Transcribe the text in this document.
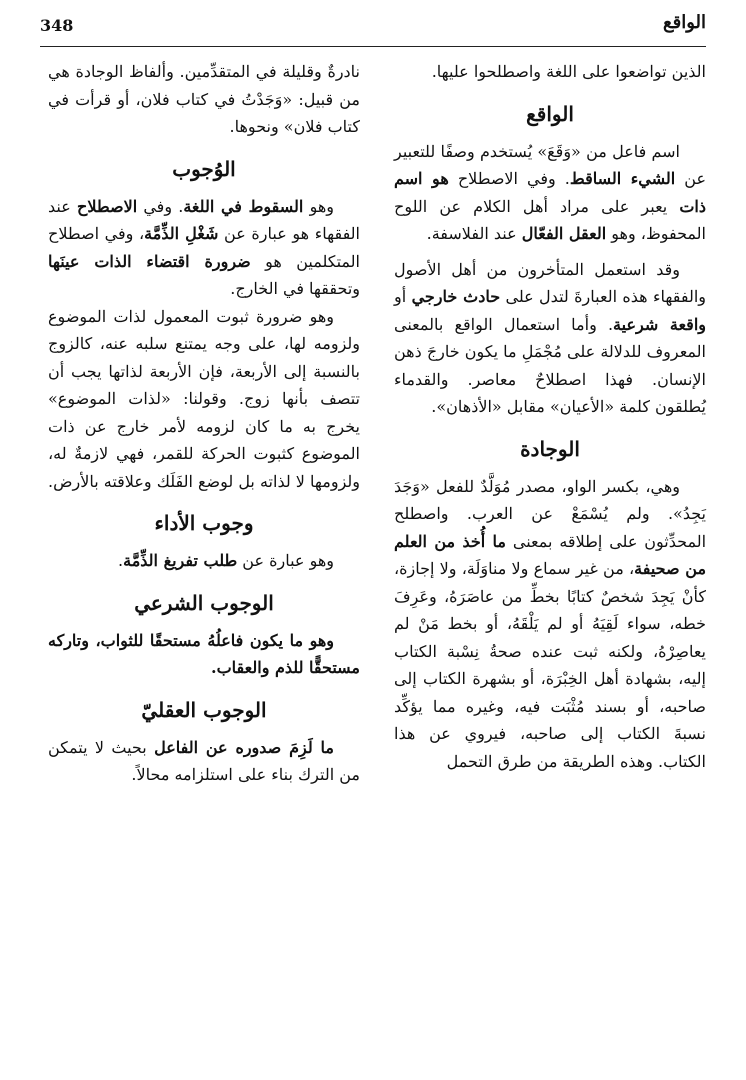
348	الواقع

الذين تواضعوا على اللغة واصطلحوا عليها.

الواقع

اسم فاعل من «وَقَعَ» يُستخدم وصفًا للتعبير عن الشيء الساقط. وفي الاصطلاح هو اسم ذات يعبر على مراد أهل الكلام عن اللوح المحفوظ، وهو العقل الفعّال عند الفلاسفة.

وقد استعمل المتأخرون من أهل الأصول والفقهاء هذه العبارةَ لتدل على حادث خارجي أو واقعة شرعية. وأما استعمال الواقع بالمعنى المعروف للدلالة على مُجْمَلِ ما يكون خارجَ ذهن الإنسان. فهذا اصطلاحٌ معاصر. والقدماء يُطلقون كلمة «الأعيان» مقابل «الأذهان».

الوجادة

وهي، بكسر الواو، مصدر مُوَلَّدٌ للفعل «وَجَدَ يَجِدُ». ولم يُسْمَعْ عن العرب. واصطلح المحدِّثون على إطلاقه بمعنى ما أُخذ من العلم من صحيفة، من غير سماع ولا مناوَلَة، ولا إجازة، كأنْ يَجِدَ شخصٌ كتابًا بخطِّ من عاصَرَهُ، وعَرِفَ خطه، سواء لَقِيَهُ أو لم يَلْقَهُ، أو بخط مَنْ لم يعاصِرْهُ، ولكنه ثبت عنده صحةُ نِسْبة الكتاب إليه، بشهادة أهل الخِبْرَة، أو بشهرة الكتاب إلى صاحبه، أو بسند مُثْبَت فيه، وغيره مما يؤكِّد نسبةَ الكتاب إلى صاحبه، فيروي عن هذا الكتاب. وهذه الطريقة من طرق التحمل

نادرةٌ وقليلة في المتقدِّمين. وألفاظ الوجادة هي من قبيل: «وَجَدْتُ في كتاب فلان، أو قرأت في كتاب فلان» ونحوها.

الوُجوب

وهو السقوط في اللغة. وفي الاصطلاح عند الفقهاء هو عبارة عن شَغْلِ الذِّمَّة، وفي اصطلاح المتكلمين هو ضرورة اقتضاء الذات عينَها وتحققها في الخارج.

وهو ضرورة ثبوت المعمول لذات الموضوع ولزومه لها، على وجه يمتنع سلبه عنه، كالزوج بالنسبة إلى الأربعة، فإن الأربعة لذاتها يجب أن تتصف بأنها زوج. وقولنا: «لذات الموضوع» يخرج به ما كان لزومه لأمر خارج عن ذات الموضوع كثبوت الحركة للقمر، فهي لازمةٌ له، ولزومها لا لذاته بل لوضع الفَلَك وعلاقته بالأرض.

وجوب الأداء

وهو عبارة عن طلب تفريغ الذِّمَّة.

الوجوب الشرعي

وهو ما يكون فاعلُهُ مستحقًا للثواب، وتاركه مستحقًّا للذم والعقاب.

الوجوب العقليّ

ما لَزِمَ صدوره عن الفاعل بحيث لا يتمكن من الترك بناء على استلزامه محالاً.
